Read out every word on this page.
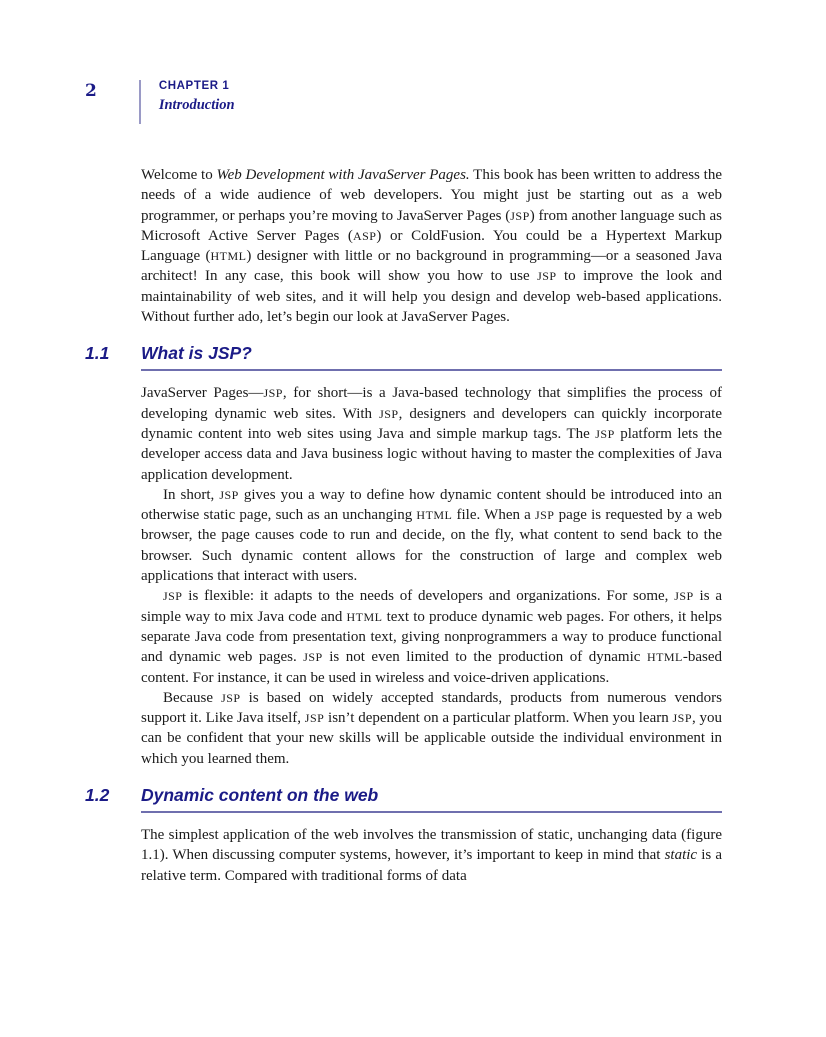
2	CHAPTER 1
Introduction

Welcome to Web Development with JavaServer Pages. This book has been written to address the needs of a wide audience of web developers. You might just be starting out as a web programmer, or perhaps you’re moving to JavaServer Pages (JSP) from another language such as Microsoft Active Server Pages (ASP) or ColdFusion. You could be a Hypertext Markup Language (HTML) designer with little or no background in programming—or a seasoned Java architect! In any case, this book will show you how to use JSP to improve the look and maintainability of web sites, and it will help you design and develop web-based applications. Without further ado, let’s begin our look at JavaServer Pages.

1.1 What is JSP?

JavaServer Pages—JSP, for short—is a Java-based technology that simplifies the process of developing dynamic web sites. With JSP, designers and developers can quickly incorporate dynamic content into web sites using Java and simple markup tags. The JSP platform lets the developer access data and Java business logic without having to master the complexities of Java application development.

In short, JSP gives you a way to define how dynamic content should be introduced into an otherwise static page, such as an unchanging HTML file. When a JSP page is requested by a web browser, the page causes code to run and decide, on the fly, what content to send back to the browser. Such dynamic content allows for the construction of large and complex web applications that interact with users.

JSP is flexible: it adapts to the needs of developers and organizations. For some, JSP is a simple way to mix Java code and HTML text to produce dynamic web pages. For others, it helps separate Java code from presentation text, giving nonprogrammers a way to produce functional and dynamic web pages. JSP is not even limited to the production of dynamic HTML-based content. For instance, it can be used in wireless and voice-driven applications.

Because JSP is based on widely accepted standards, products from numerous vendors support it. Like Java itself, JSP isn’t dependent on a particular platform. When you learn JSP, you can be confident that your new skills will be applicable outside the individual environment in which you learned them.

1.2 Dynamic content on the web

The simplest application of the web involves the transmission of static, unchanging data (figure 1.1). When discussing computer systems, however, it’s important to keep in mind that static is a relative term. Compared with traditional forms of data
